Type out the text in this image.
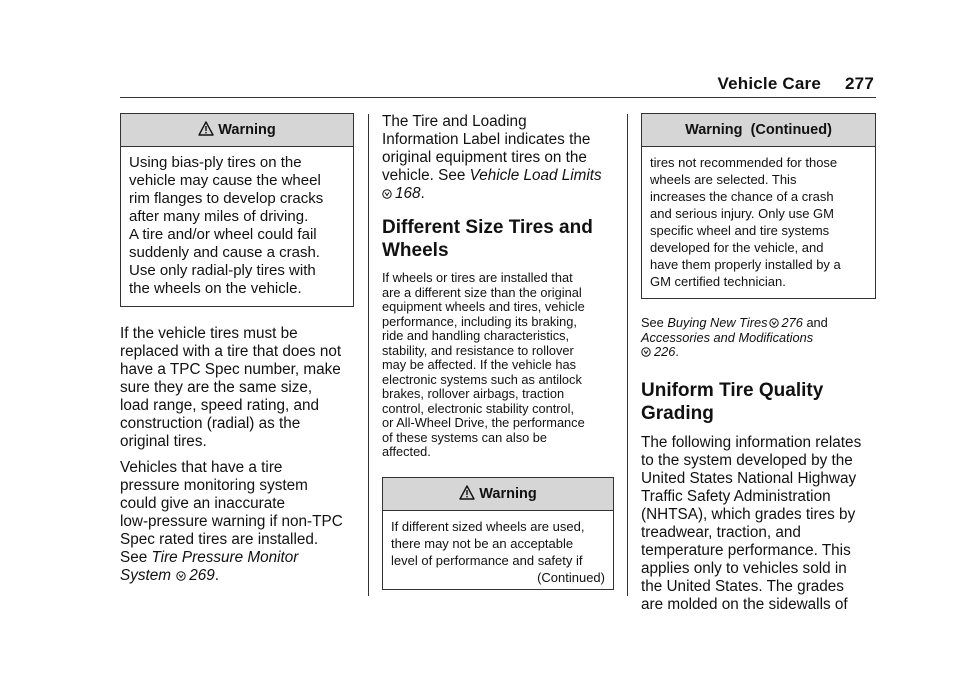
Vehicle Care 277
Warning
Using bias-ply tires on the
vehicle may cause the wheel
rim flanges to develop cracks
after many miles of driving.
A tire and/or wheel could fail
suddenly and cause a crash.
Use only radial-ply tires with
the wheels on the vehicle.
If the vehicle tires must be
replaced with a tire that does not
have a TPC Spec number, make
sure they are the same size,
load range, speed rating, and
construction (radial) as the
original tires.
Vehicles that have a tire
pressure monitoring system
could give an inaccurate
low-pressure warning if non-TPC
Spec rated tires are installed.
See Tire Pressure Monitor
System 269.
The Tire and Loading
Information Label indicates the
original equipment tires on the
vehicle. See Vehicle Load Limits
168.
Different Size Tires and
Wheels
If wheels or tires are installed that
are a different size than the original
equipment wheels and tires, vehicle
performance, including its braking,
ride and handling characteristics,
stability, and resistance to rollover
may be affected. If the vehicle has
electronic systems such as antilock
brakes, rollover airbags, traction
control, electronic stability control,
or All-Wheel Drive, the performance
of these systems can also be
affected.
Warning
If different sized wheels are used,
there may not be an acceptable
level of performance and safety if
(Continued)
Warning  (Continued)
tires not recommended for those
wheels are selected. This
increases the chance of a crash
and serious injury. Only use GM
specific wheel and tire systems
developed for the vehicle, and
have them properly installed by a
GM certified technician.
See Buying New Tires 276 and
Accessories and Modifications
226.
Uniform Tire Quality
Grading
The following information relates
to the system developed by the
United States National Highway
Traffic Safety Administration
(NHTSA), which grades tires by
treadwear, traction, and
temperature performance. This
applies only to vehicles sold in
the United States. The grades
are molded on the sidewalls of
